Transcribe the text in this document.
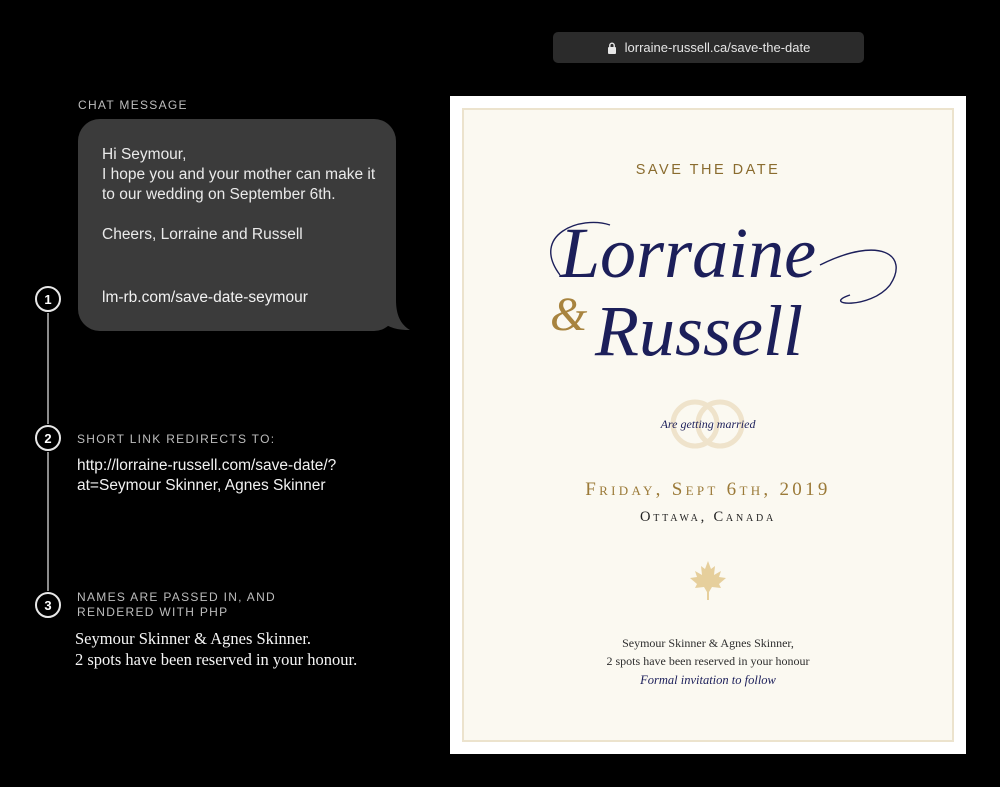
lorraine-russell.ca/save-the-date
CHAT MESSAGE
Hi Seymour,
I hope you and your mother can make it to our wedding on September 6th.

Cheers, Lorraine and Russell
lm-rb.com/save-date-seymour
1
2
3
SHORT LINK REDIRECTS TO:
http://lorraine-russell.com/save-date/?at=Seymour Skinner, Agnes Skinner
NAMES ARE PASSED IN, AND RENDERED WITH PHP
Seymour Skinner & Agnes Skinner.
2 spots have been reserved in your honour.
SAVE THE DATE
Lorraine
& Russell
Are getting married
Friday, Sept 6th, 2019
Ottawa, Canada
Seymour Skinner & Agnes Skinner,
2 spots have been reserved in your honour
Formal invitation to follow
